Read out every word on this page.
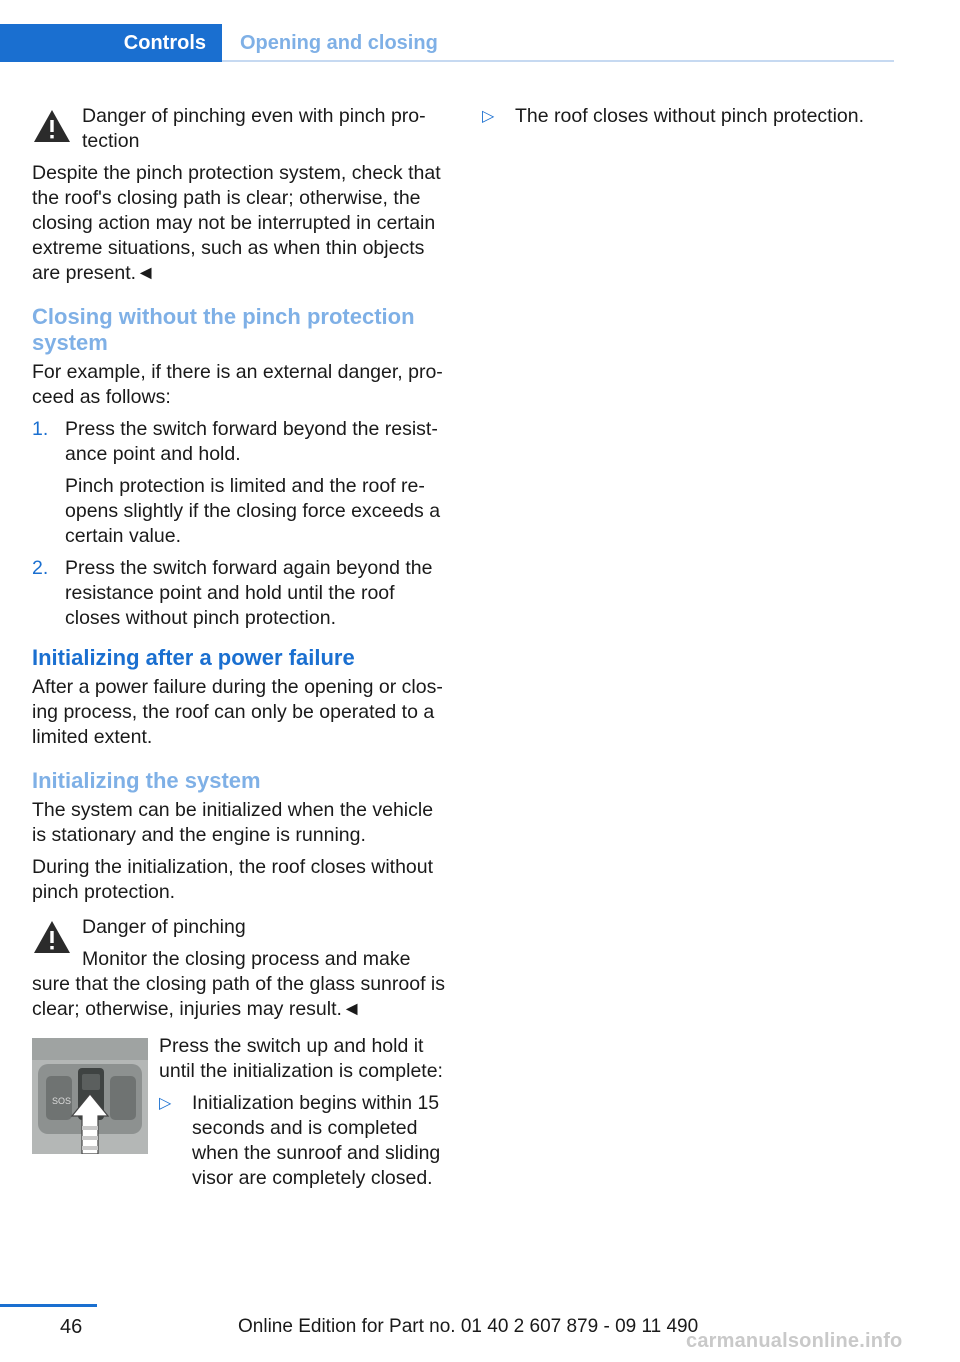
Controls Opening and closing

Danger of pinching even with pinch pro-tection

Despite the pinch protection system, check that the roof's closing path is clear; otherwise, the closing action may not be interrupted in certain extreme situations, such as when thin objects are present.◄

Closing without the pinch protection system

For example, if there is an external danger, pro-ceed as follows:

1. Press the switch forward beyond the resist-ance point and hold.
Pinch protection is limited and the roof re-opens slightly if the closing force exceeds a certain value.
2. Press the switch forward again beyond the resistance point and hold until the roof closes without pinch protection.
Initializing after a power failure

After a power failure during the opening or clos-ing process, the roof can only be operated to a limited extent.

Initializing the system

The system can be initialized when the vehicle is stationary and the engine is running.

During the initialization, the roof closes without pinch protection.

Danger of pinching

Monitor the closing process and make sure that the closing path of the glass sunroof is clear; otherwise, injuries may result.◄

SOS

Press the switch up and hold it until the initialization is complete:

▷ Initialization begins within 15 seconds and is completed when the sunroof and sliding visor are completely closed.

▷ The roof closes without pinch protection.

46	Online Edition for Part no. 01 40 2 607 879 - 09 11 490
carmanualsonline.info
